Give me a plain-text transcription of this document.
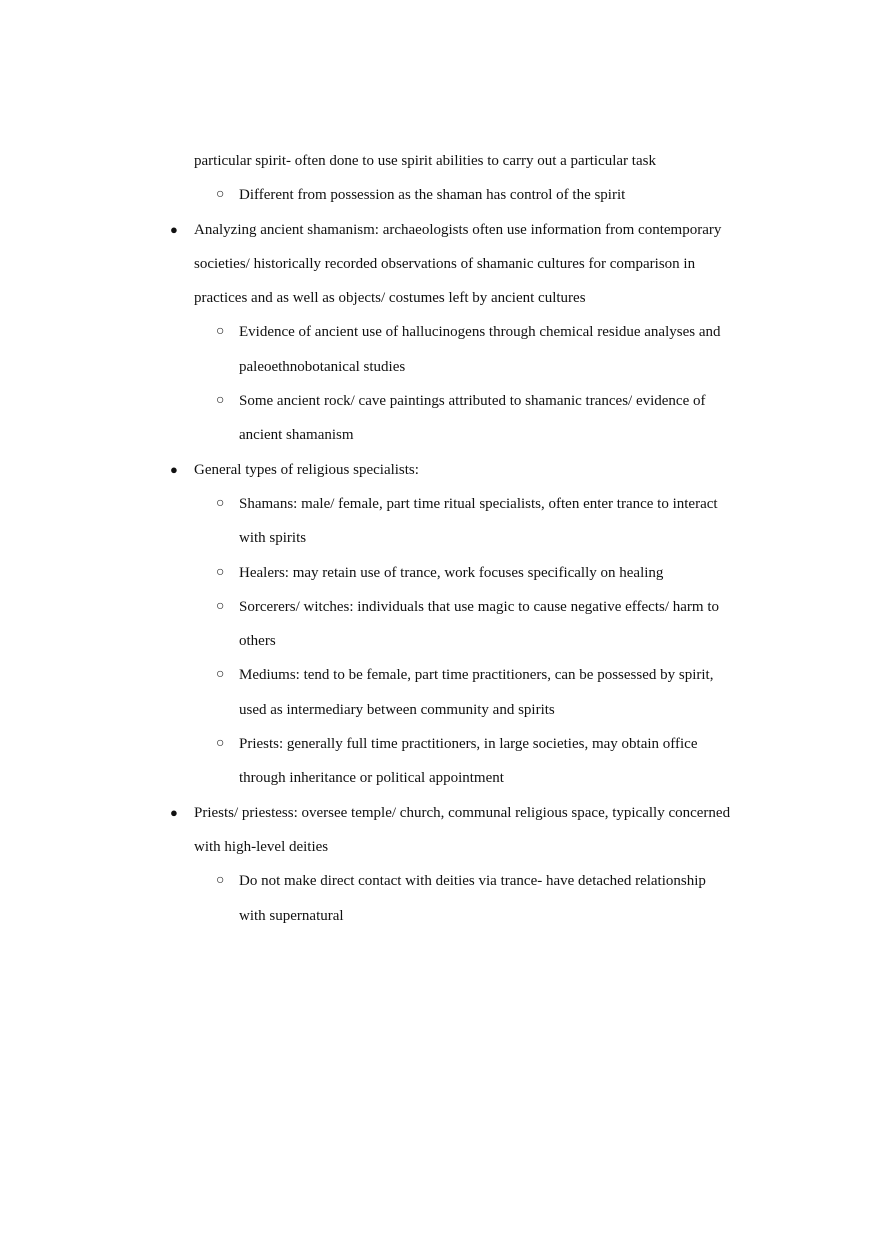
particular spirit- often done to use spirit abilities to carry out a particular task
○ Different from possession as the shaman has control of the spirit
● Analyzing ancient shamanism: archaeologists often use information from contemporary
societies/ historically recorded observations of shamanic cultures for comparison in
practices and as well as objects/ costumes left by ancient cultures
○ Evidence of ancient use of hallucinogens through chemical residue analyses and
paleoethnobotanical studies
○ Some ancient rock/ cave paintings attributed to shamanic trances/ evidence of
ancient shamanism
● General types of religious specialists:
○ Shamans: male/ female, part time ritual specialists, often enter trance to interact
with spirits
○ Healers: may retain use of trance, work focuses specifically on healing
○ Sorcerers/ witches: individuals that use magic to cause negative effects/ harm to
others
○ Mediums: tend to be female, part time practitioners, can be possessed by spirit,
used as intermediary between community and spirits
○ Priests: generally full time practitioners, in large societies, may obtain office
through inheritance or political appointment
● Priests/ priestess: oversee temple/ church, communal religious space, typically concerned
with high-level deities
○ Do not make direct contact with deities via trance- have detached relationship
with supernatural
